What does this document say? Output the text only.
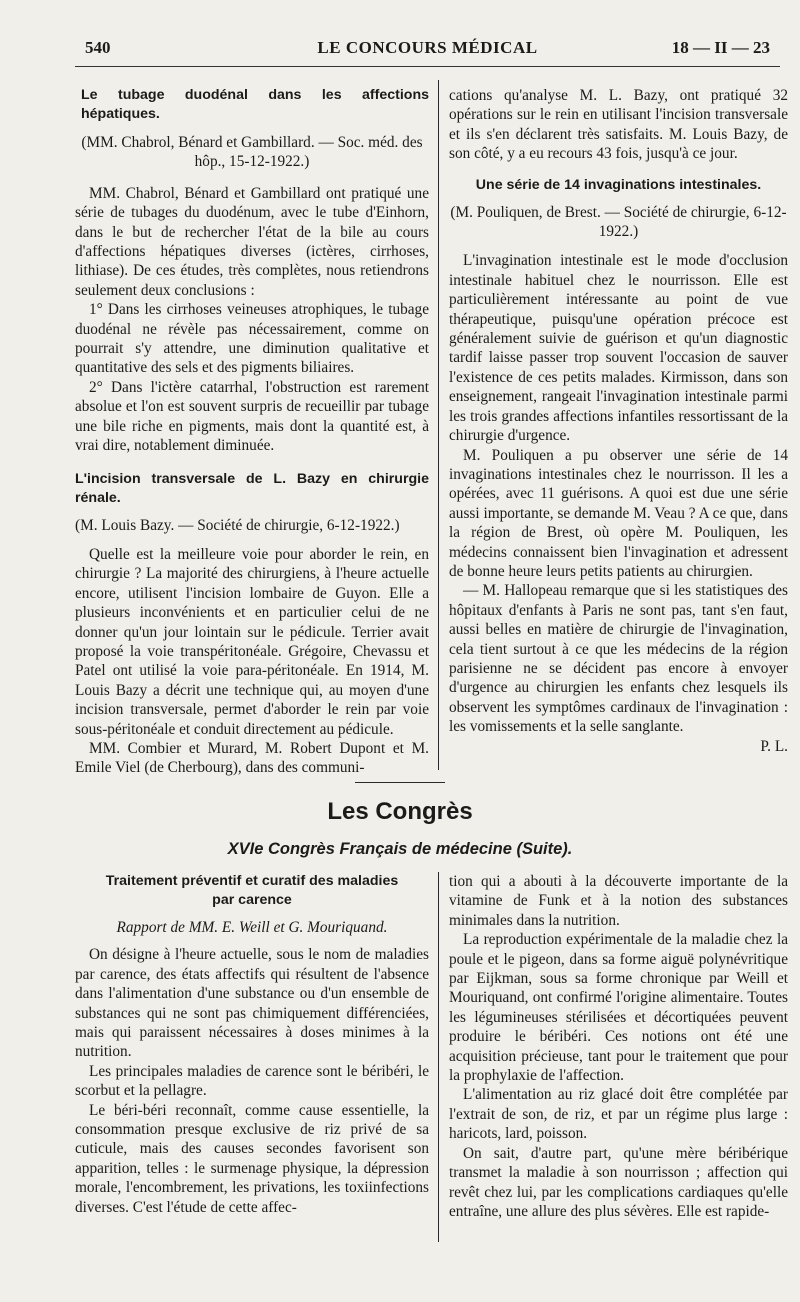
540	LE CONCOURS MÉDICAL	18 — II — 23

Le tubage duodénal dans les affections hépatiques.

(MM. Chabrol, Bénard et Gambillard. — Soc. méd. des hôp., 15-12-1922.)

MM. Chabrol, Bénard et Gambillard ont pratiqué une série de tubages du duodénum, avec le tube d'Einhorn, dans le but de rechercher l'état de la bile au cours d'affections hépatiques diverses (ictères, cirrhoses, lithiase). De ces études, très complètes, nous retiendrons seulement deux conclusions :

1° Dans les cirrhoses veineuses atrophiques, le tubage duodénal ne révèle pas nécessairement, comme on pourrait s'y attendre, une diminution qualitative et quantitative des sels et des pigments biliaires.

2° Dans l'ictère catarrhal, l'obstruction est rarement absolue et l'on est souvent surpris de recueillir par tubage une bile riche en pigments, mais dont la quantité est, à vrai dire, notablement diminuée.

L'incision transversale de L. Bazy en chirurgie rénale.

(M. Louis Bazy. — Société de chirurgie, 6-12-1922.)

Quelle est la meilleure voie pour aborder le rein, en chirurgie ? La majorité des chirurgiens, à l'heure actuelle encore, utilisent l'incision lombaire de Guyon. Elle a plusieurs inconvénients et en particulier celui de ne donner qu'un jour lointain sur le pédicule. Terrier avait proposé la voie transpéritonéale. Grégoire, Chevassu et Patel ont utilisé la voie para-péritonéale. En 1914, M. Louis Bazy a décrit une technique qui, au moyen d'une incision transversale, permet d'aborder le rein par voie sous-péritonéale et conduit directement au pédicule.

MM. Combier et Murard, M. Robert Dupont et M. Emile Viel (de Cherbourg), dans des communi-

cations qu'analyse M. L. Bazy, ont pratiqué 32 opérations sur le rein en utilisant l'incision transversale et ils s'en déclarent très satisfaits. M. Louis Bazy, de son côté, y a eu recours 43 fois, jusqu'à ce jour.

Une série de 14 invaginations intestinales.

(M. Pouliquen, de Brest. — Société de chirurgie, 6-12-1922.)

L'invagination intestinale est le mode d'occlusion intestinale habituel chez le nourrisson. Elle est particulièrement intéressante au point de vue thérapeutique, puisqu'une opération précoce est généralement suivie de guérison et qu'un diagnostic tardif laisse passer trop souvent l'occasion de sauver l'existence de ces petits malades. Kirmisson, dans son enseignement, rangeait l'invagination intestinale parmi les trois grandes affections infantiles ressortissant de la chirurgie d'urgence.

M. Pouliquen a pu observer une série de 14 invaginations intestinales chez le nourrisson. Il les a opérées, avec 11 guérisons. A quoi est due une série aussi importante, se demande M. Veau ? A ce que, dans la région de Brest, où opère M. Pouliquen, les médecins connaissent bien l'invagination et adressent de bonne heure leurs petits patients au chirurgien.

— M. Hallopeau remarque que si les statistiques des hôpitaux d'enfants à Paris ne sont pas, tant s'en faut, aussi belles en matière de chirurgie de l'invagination, cela tient surtout à ce que les médecins de la région parisienne ne se décident pas encore à envoyer d'urgence au chirurgien les enfants chez lesquels ils observent les symptômes cardinaux de l'invagination : les vomissements et la selle sanglante.

P. L.

Les Congrès
XVIe Congrès Français de médecine (Suite).

Traitement préventif et curatif des maladies par carence

Rapport de MM. E. Weill et G. Mouriquand.

On désigne à l'heure actuelle, sous le nom de maladies par carence, des états affectifs qui résultent de l'absence dans l'alimentation d'une substance ou d'un ensemble de substances qui ne sont pas chimiquement différenciées, mais qui paraissent nécessaires à doses minimes à la nutrition.

Les principales maladies de carence sont le béribéri, le scorbut et la pellagre.

Le béri-béri reconnaît, comme cause essentielle, la consommation presque exclusive de riz privé de sa cuticule, mais des causes secondes favorisent son apparition, telles : le surmenage physique, la dépression morale, l'encombrement, les privations, les toxiinfections diverses. C'est l'étude de cette affec-

tion qui a abouti à la découverte importante de la vitamine de Funk et à la notion des substances minimales dans la nutrition.

La reproduction expérimentale de la maladie chez la poule et le pigeon, dans sa forme aiguë polynévritique par Eijkman, sous sa forme chronique par Weill et Mouriquand, ont confirmé l'origine alimentaire. Toutes les légumineuses stérilisées et décortiquées peuvent produire le béribéri. Ces notions ont été une acquisition précieuse, tant pour le traitement que pour la prophylaxie de l'affection.

L'alimentation au riz glacé doit être complétée par l'extrait de son, de riz, et par un régime plus large : haricots, lard, poisson.

On sait, d'autre part, qu'une mère béribérique transmet la maladie à son nourrisson ; affection qui revêt chez lui, par les complications cardiaques qu'elle entraîne, une allure des plus sévères. Elle est rapide-
